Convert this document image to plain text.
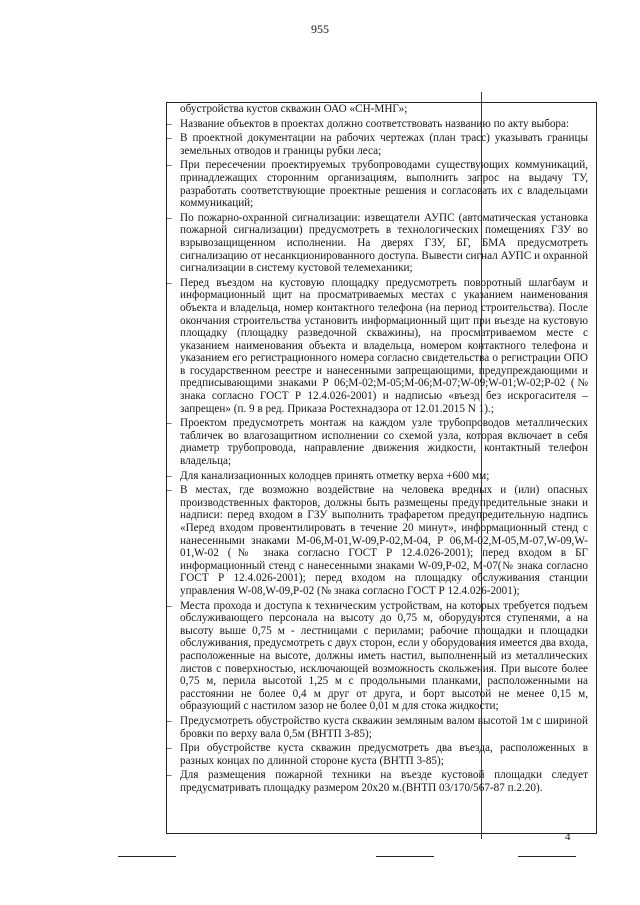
955

обустройства кустов скважин ОАО «СН-МНГ»;

– Название объектов в проектах должно соответствовать названию по акту выбора:
– В проектной документации на рабочих чертежах (план трасс) указывать границы земельных отводов и границы рубки леса;
– При пересечении проектируемых трубопроводами существующих коммуникаций, принадлежащих сторонним организациям, выполнить запрос на выдачу ТУ, разработать соответствующие проектные решения и согласовать их с владельцами коммуникаций;
– По пожарно-охранной сигнализации: извещатели АУПС (автоматическая установка пожарной сигнализации) предусмотреть в технологических помещениях ГЗУ во взрывозащищенном исполнении. На дверях ГЗУ, БГ, БМА предусмотреть сигнализацию от несанкционированного доступа. Вывести сигнал АУПС и охранной сигнализации в систему кустовой телемеханики;
– Перед въездом на кустовую площадку предусмотреть поворотный шлагбаум и информационный щит на просматриваемых местах с указанием наименования объекта и владельца, номер контактного телефона (на период строительства). После окончания строительства установить информационный щит при въезде на кустовую площадку (площадку разведочной скважины), на просматриваемом месте с указанием наименования объекта и владельца, номером контактного телефона и указанием его регистрационного номера согласно свидетельства о регистрации ОПО в государственном реестре и нанесенными запрещающими, предупреждающими и предписывающими знаками Р 06;М-02;М-05;М-06;М-07;W-09;W-01;W-02;Р-02 (№ знака согласно ГОСТ Р 12.4.026-2001) и надписью «въезд без искрогасителя –запрещен» (п. 9 в ред. Приказа Ростехнадзора от 12.01.2015 N 1).;
– Проектом предусмотреть монтаж на каждом узле трубопроводов металлических табличек во влагозащитном исполнении со схемой узла, которая включает в себя диаметр трубопровода, направление движения жидкости, контактный телефон владельца;
– Для канализационных колодцев принять отметку верха +600 мм;
– В местах, где возможно воздействие на человека вредных и (или) опасных производственных факторов, должны быть размещены предупредительные знаки и надписи: перед входом в ГЗУ выполнить трафаретом предупредительную надпись «Перед входом провентилировать в течение 20 минут», информационный стенд с нанесенными знаками М-06,М-01,W-09,Р-02,М-04, Р 06,М-02,М-05,М-07,W-09,W-01,W-02 (№ знака согласно ГОСТ Р 12.4.026-2001); перед входом в БГ информационный стенд с нанесенными знаками W-09,Р-02, М-07(№ знака согласно ГОСТ Р 12.4.026-2001); перед входом на площадку обслуживания станции управления W-08,W-09,Р-02 (№ знака согласно ГОСТ Р 12.4.026-2001);
– Места прохода и доступа к техническим устройствам, на которых требуется подъем обслуживающего персонала на высоту до 0,75 м, оборудуются ступенями, а на высоту выше 0,75 м - лестницами с перилами; рабочие площадки и площадки обслуживания, предусмотреть с двух сторон, если у оборудования имеется два входа, расположенные на высоте, должны иметь настил, выполненный из металлических листов с поверхностью, исключающей возможность скольжения. При высоте более 0,75 м, перила высотой 1,25 м с продольными планками, расположенными на расстоянии не более 0,4 м друг от друга, и борт высотой не менее 0,15 м, образующий с настилом зазор не более 0,01 м для стока жидкости;
– Предусмотреть обустройство куста скважин земляным валом высотой 1м с шириной бровки по верху вала 0,5м (ВНТП 3-85);
– При обустройстве куста скважин предусмотреть два въезда, расположенных в разных концах по длинной стороне куста (ВНТП 3-85);
– Для размещения пожарной техники на въезде кустовой площадки следует предусматривать площадку размером 20х20 м.(ВНТП 03/170/567-87 п.2.20).
4
